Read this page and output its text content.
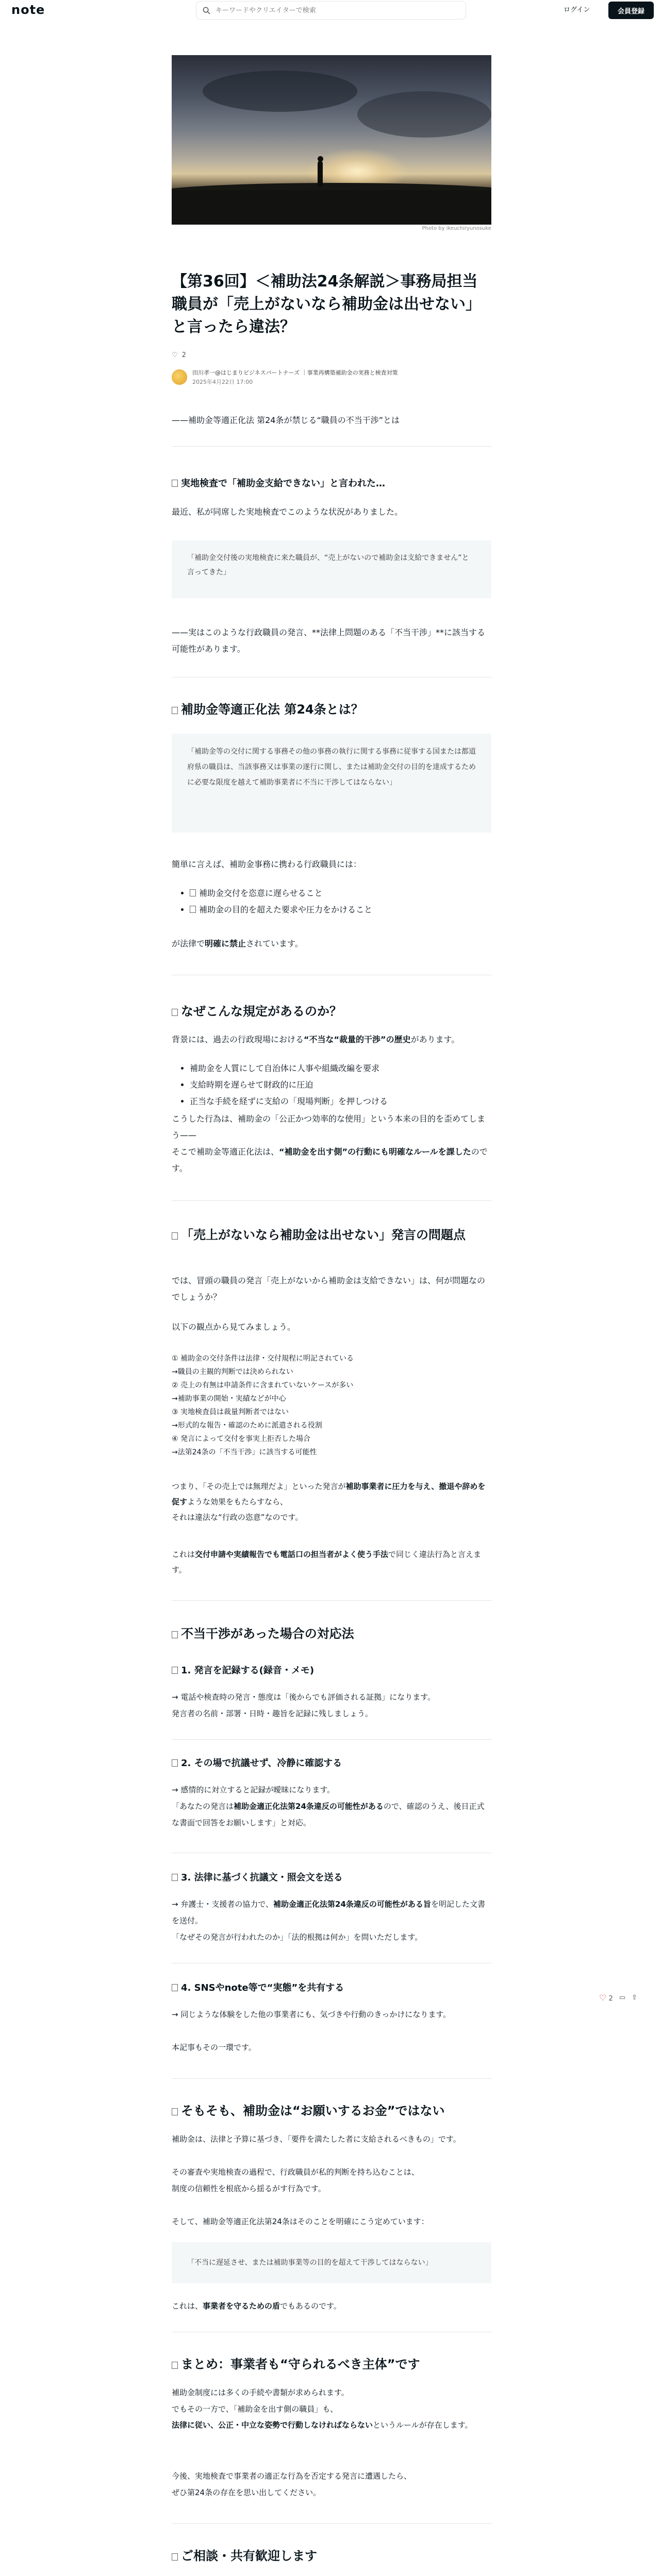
note
キーワードやクリエイターで検索	ログイン	会員登録
Photo by ikeuchiryunosuke
【第36回】＜補助法24条解説＞事務局担当職員が「売上がないなら補助金は出せない」と言ったら違法？
♡ 2
田川孝一@はじまりビジネスパートナーズ ｜事業再構築補助金の実務と検査対策
2025年4月22日 17:00

——補助金等適正化法 第24条が禁じる“職員の不当干渉”とは

実地検査で「補助金支給できない」と言われた…

最近、私が同席した実地検査でこのような状況がありました。

「補助金交付後の実地検査に来た職員が、“売上がないので補助金は支給できません”と言ってきた」

——実はこのような行政職員の発言、**法律上問題のある「不当干渉」**に該当する可能性があります。

補助金等適正化法 第24条とは？
「補助金等の交付に関する事務その他の事務の執行に関する事務に従事する国または都道府県の職員は、当該事務又は事業の遂行に関し、または補助金交付の目的を達成するために必要な限度を越えて補助事業者に不当に干渉してはならない」

簡単に言えば、補助金事務に携わる行政職員には：

• 補助金交付を恣意に遅らせること
• 補助金の目的を超えた要求や圧力をかけること

が法律で明確に禁止されています。

なぜこんな規定があるのか？

背景には、過去の行政現場における“不当な“裁量的干渉”の歴史があります。

• 補助金を人質にして自治体に人事や組織改編を要求
• 支給時期を遅らせて財政的に圧迫
• 正当な手続を経ずに支給の「現場判断」を押しつける

こうした行為は、補助金の「公正かつ効率的な使用」という本来の目的を歪めてしまう——

そこで補助金等適正化法は、“補助金を出す側”の行動にも明確なルールを課したのです。

「売上がないなら補助金は出せない」発言の問題点

では、冒頭の職員の発言「売上がないから補助金は支給できない」は、何が問題なのでしょうか？

以下の観点から見てみましょう。

① 補助金の交付条件は法律・交付規程に明記されている
→職員の主観的判断では決められない
② 売上の有無は申請条件に含まれていないケースが多い
→補助事業の開始・実績などが中心
③ 実地検査員は裁量判断者ではない
→形式的な報告・確認のために派遣される役割
④ 発言によって交付を事実上拒否した場合
→法第24条の「不当干渉」に該当する可能性

つまり、「その売上では無理だよ」といった発言が補助事業者に圧力を与え、撤退や辞めを促すような効果をもたらすなら、
それは違法な“行政の恣意”なのです。

これは交付申請や実績報告でも電話口の担当者がよく使う手法で同じく違法行為と言えます。

不当干渉があった場合の対応法
1. 発言を記録する(録音・メモ)

→ 電話や検査時の発言・態度は「後からでも評価される証拠」になります。

発言者の名前・部署・日時・趣旨を記録に残しましょう。

2. その場で抗議せず、冷静に確認する

→ 感情的に対立すると記録が曖昧になります。

「あなたの発言は補助金適正化法第24条違反の可能性があるので、確認のうえ、後日正式な書面で回答をお願いします」と対応。

3. 法律に基づく抗議文・照会文を送る

→ 弁護士・支援者の協力で、補助金適正化法第24条違反の可能性がある旨を明記した文書を送付。

「なぜその発言が行われたのか」「法的根拠は何か」を問いただします。

4. SNSやnote等で“実態”を共有する

→ 同じような体験をした他の事業者にも、気づきや行動のきっかけになります。

本記事もその一環です。

そもそも、補助金は“お願いするお金”ではない

補助金は、法律と予算に基づき、「要件を満たした者に支給されるべきもの」です。

その審査や実地検査の過程で、行政職員が私的判断を持ち込むことは、

制度の信頼性を根底から揺るがす行為です。

そして、補助金等適正化法第24条はそのことを明確にこう定めています：

「不当に遅延させ、または補助事業等の目的を超えて干渉してはならない」

これは、事業者を守るための盾でもあるのです。

まとめ：事業者も“守られるべき主体”です

補助金制度には多くの手続や書類が求められます。

でもその一方で、「補助金を出す側の職員」も、

法律に従い、公正・中立な姿勢で行動しなければならないというルールが存在します。

今後、実地検査で事業者の適正な行為を否定する発言に遭遇したら、

ぜひ第24条の存在を思い出してください。

ご相談・共有歓迎します

♡ 2 ▭ ⇧
